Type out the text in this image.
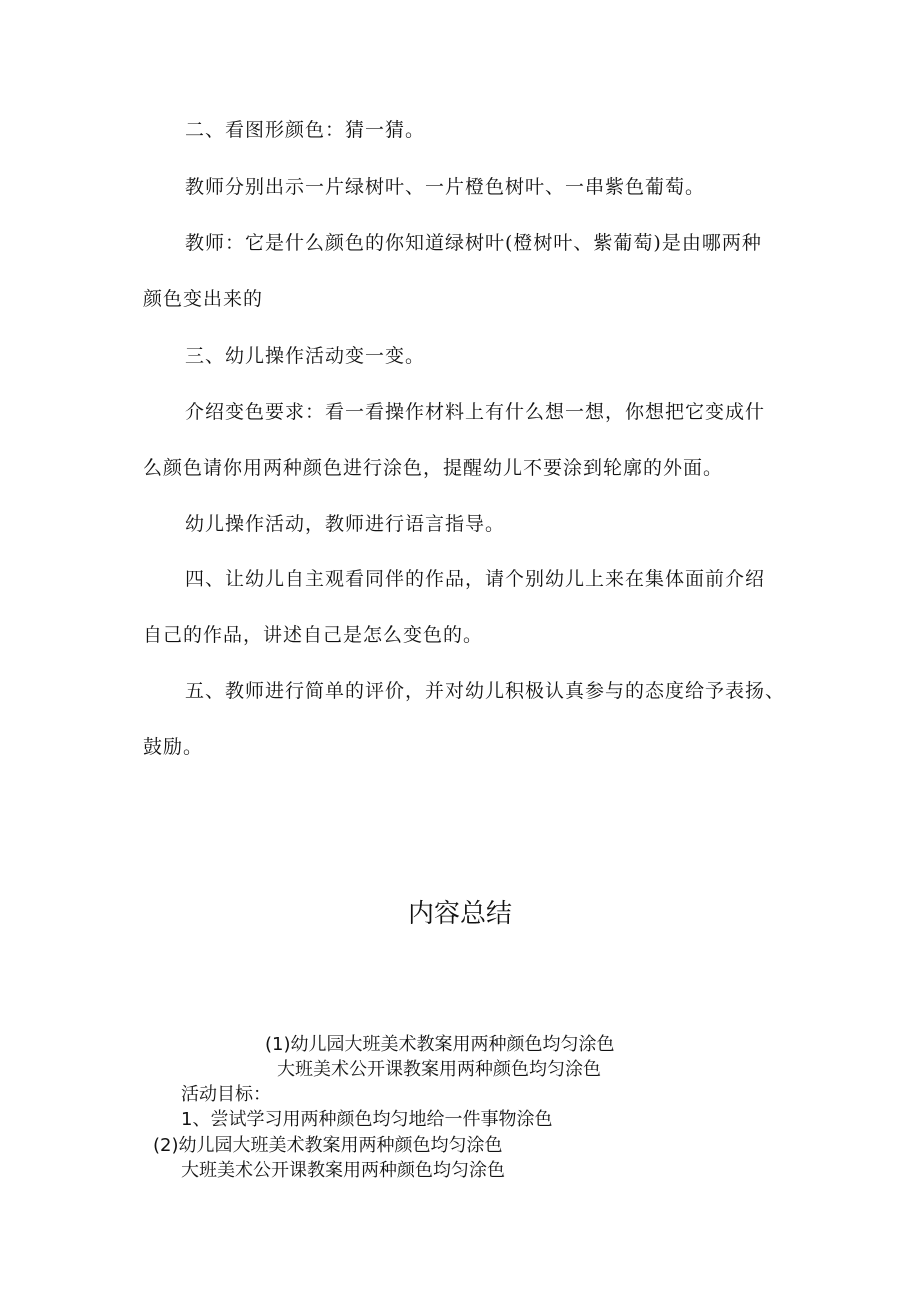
二、看图形颜色：猜一猜。
教师分别出示一片绿树叶、一片橙色树叶、一串紫色葡萄。
教师：它是什么颜色的你知道绿树叶(橙树叶、紫葡萄)是由哪两种
颜色变出来的
三、幼儿操作活动变一变。
介绍变色要求：看一看操作材料上有什么想一想，你想把它变成什
么颜色请你用两种颜色进行涂色，提醒幼儿不要涂到轮廓的外面。
幼儿操作活动，教师进行语言指导。
四、让幼儿自主观看同伴的作品，请个别幼儿上来在集体面前介绍
自己的作品，讲述自己是怎么变色的。
五、教师进行简单的评价，并对幼儿积极认真参与的态度给予表扬、
鼓励。
内容总结
(1)幼儿园大班美术教案用两种颜色均匀涂色
大班美术公开课教案用两种颜色均匀涂色
活动目标：
1、尝试学习用两种颜色均匀地给一件事物涂色
(2)幼儿园大班美术教案用两种颜色均匀涂色
大班美术公开课教案用两种颜色均匀涂色
